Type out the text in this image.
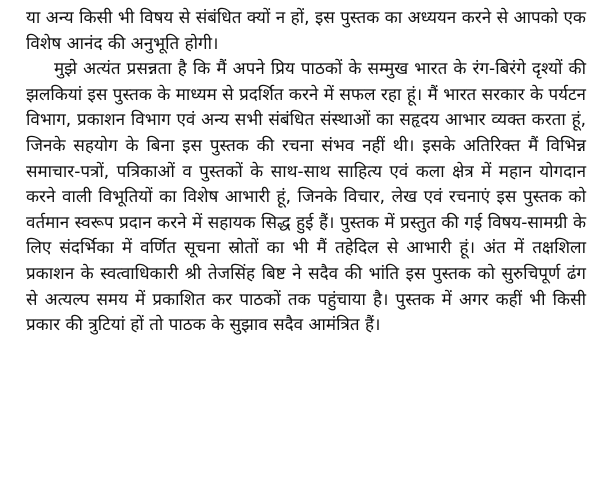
या अन्य किसी भी विषय से संबंधित क्यों न हों, इस पुस्तक का अध्ययन करने से आपको एक विशेष आनंद की अनुभूति होगी।

मुझे अत्यंत प्रसन्नता है कि मैं अपने प्रिय पाठकों के सम्मुख भारत के रंग-बिरंगे दृश्यों की झलकियां इस पुस्तक के माध्यम से प्रदर्शित करने में सफल रहा हूं। मैं भारत सरकार के पर्यटन विभाग, प्रकाशन विभाग एवं अन्य सभी संबंधित संस्थाओं का सहृदय आभार व्यक्त करता हूं, जिनके सहयोग के बिना इस पुस्तक की रचना संभव नहीं थी। इसके अतिरिक्त मैं विभिन्न समाचार-पत्रों, पत्रिकाओं व पुस्तकों के साथ-साथ साहित्य एवं कला क्षेत्र में महान योगदान करने वाली विभूतियों का विशेष आभारी हूं, जिनके विचार, लेख एवं रचनाएं इस पुस्तक को वर्तमान स्वरूप प्रदान करने में सहायक सिद्ध हुई हैं। पुस्तक में प्रस्तुत की गई विषय-सामग्री के लिए संदर्भिका में वर्णित सूचना स्रोतों का भी मैं तहेदिल से आभारी हूं। अंत में तक्षशिला प्रकाशन के स्वत्वाधिकारी श्री तेजसिंह बिष्ट ने सदैव की भांति इस पुस्तक को सुरुचिपूर्ण ढंग से अत्यल्प समय में प्रकाशित कर पाठकों तक पहुंचाया है। पुस्तक में अगर कहीं भी किसी प्रकार की त्रुटियां हों तो पाठक के सुझाव सदैव आमंत्रित हैं।
